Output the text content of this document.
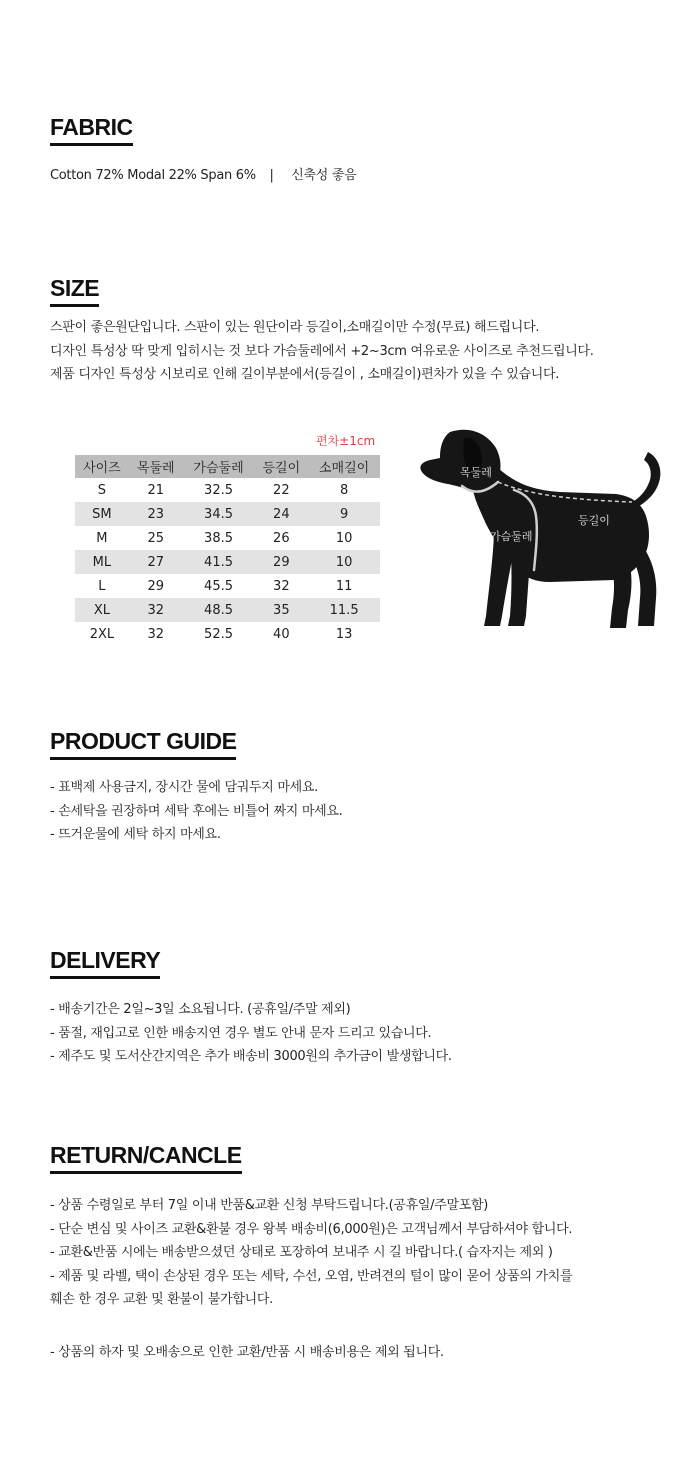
FABRIC
Cotton 72% Modal 22% Span 6% | 신축성 좋음
SIZE
스판이 좋은원단입니다. 스판이 있는 원단이라 등길이,소매길이만 수정(무료) 해드립니다.
디자인 특성상 딱 맞게 입히시는 것 보다 가슴둘레에서 +2~3cm 여유로운 사이즈로 추천드립니다.
제품 디자인 특성상 시보리로 인해 길이부분에서(등길이 , 소매길이)편차가 있을 수 있습니다.
편차±1cm
사이즈	목둘레	가슴둘레	등길이	소매길이
S	21	32.5	22	8
SM	23	34.5	24	9
M	25	38.5	26	10
ML	27	41.5	29	10
L	29	45.5	32	11
XL	32	48.5	35	11.5
2XL	32	52.5	40	13
목둘레
가슴둘레
등길이
PRODUCT GUIDE
- 표백제 사용금지, 장시간 물에 담궈두지 마세요.
- 손세탁을 권장하며 세탁 후에는 비틀어 짜지 마세요.
- 뜨거운물에 세탁 하지 마세요.
DELIVERY
- 배송기간은 2일~3일 소요됩니다. (공휴일/주말 제외)
- 품절, 재입고로 인한 배송지연 경우 별도 안내 문자 드리고 있습니다.
- 제주도 및 도서산간지역은 추가 배송비 3000원의 추가금이 발생합니다.
RETURN/CANCLE
- 상품 수령일로 부터 7일 이내 반품&교환 신청 부탁드립니다.(공휴일/주말포함)
- 단순 변심 및 사이즈 교환&환불 경우 왕복 배송비(6,000원)은 고객님께서 부담하셔야 합니다.
- 교환&반품 시에는 배송받으셨던 상태로 포장하여 보내주 시 길 바랍니다.( 습자지는 제외 )
- 제품 및 라벨, 택이 손상된 경우 또는 세탁, 수선, 오염, 반려견의 털이 많이 묻어 상품의 가치를
훼손 한 경우 교환 및 환불이 불가합니다.
- 상품의 하자 및 오배송으로 인한 교환/반품 시 배송비용은 제외 됩니다.
